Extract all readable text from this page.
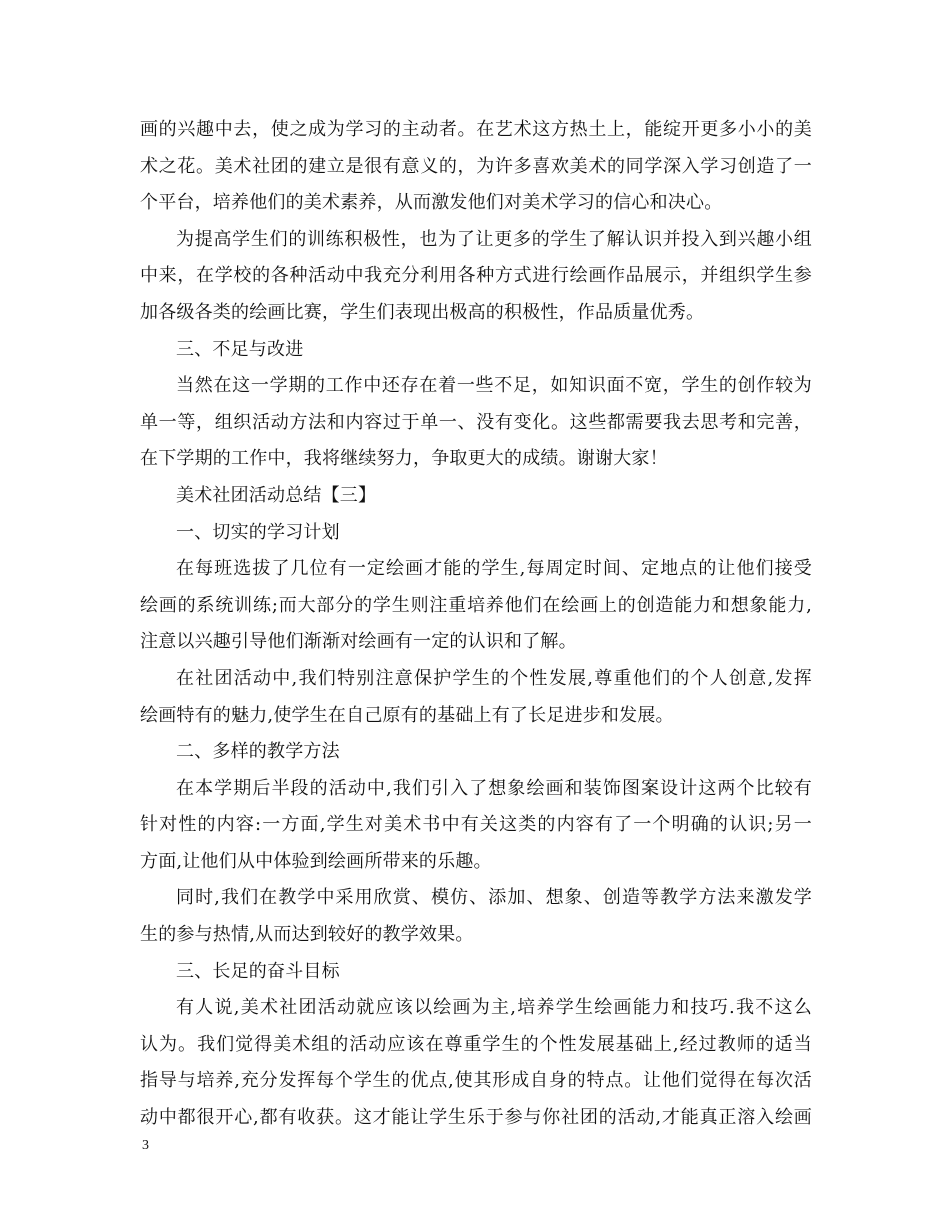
画的兴趣中去，使之成为学习的主动者。在艺术这方热土上，能绽开更多小小的美
术之花。美术社团的建立是很有意义的，为许多喜欢美术的同学深入学习创造了一
个平台，培养他们的美术素养，从而激发他们对美术学习的信心和决心。
为提高学生们的训练积极性，也为了让更多的学生了解认识并投入到兴趣小组
中来，在学校的各种活动中我充分利用各种方式进行绘画作品展示，并组织学生参
加各级各类的绘画比赛，学生们表现出极高的积极性，作品质量优秀。
三、不足与改进
当然在这一学期的工作中还存在着一些不足，如知识面不宽，学生的创作较为
单一等，组织活动方法和内容过于单一、没有变化。这些都需要我去思考和完善，
在下学期的工作中，我将继续努力，争取更大的成绩。谢谢大家！
美术社团活动总结【三】
一、切实的学习计划
在每班选拔了几位有一定绘画才能的学生,每周定时间、定地点的让他们接受
绘画的系统训练;而大部分的学生则注重培养他们在绘画上的创造能力和想象能力,
注意以兴趣引导他们渐渐对绘画有一定的认识和了解。
在社团活动中,我们特别注意保护学生的个性发展,尊重他们的个人创意,发挥
绘画特有的魅力,使学生在自己原有的基础上有了长足进步和发展。
二、多样的教学方法
在本学期后半段的活动中,我们引入了想象绘画和装饰图案设计这两个比较有
针对性的内容:一方面,学生对美术书中有关这类的内容有了一个明确的认识;另一
方面,让他们从中体验到绘画所带来的乐趣。
同时,我们在教学中采用欣赏、模仿、添加、想象、创造等教学方法来激发学
生的参与热情,从而达到较好的教学效果。
三、长足的奋斗目标
有人说,美术社团活动就应该以绘画为主,培养学生绘画能力和技巧.我不这么
认为。我们觉得美术组的活动应该在尊重学生的个性发展基础上,经过教师的适当
指导与培养,充分发挥每个学生的优点,使其形成自身的特点。让他们觉得在每次活
动中都很开心,都有收获。这才能让学生乐于参与你社团的活动,才能真正溶入绘画
3
